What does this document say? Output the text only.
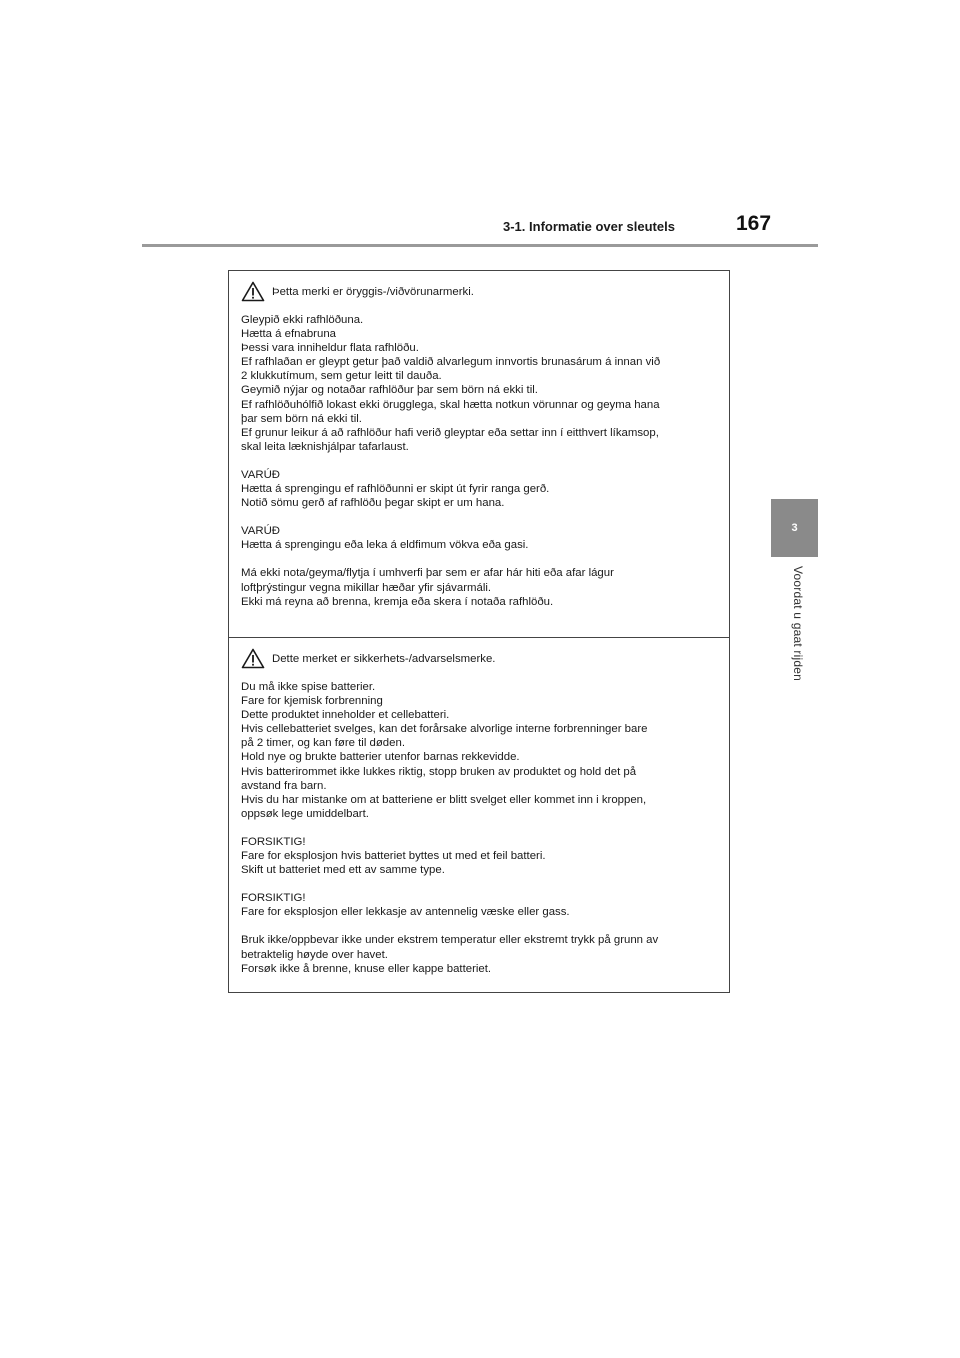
3-1. Informatie over sleutels	167
3
Voordat u gaat rijden
Þetta merki er öryggis-/viðvörunarmerki.
Gleypið ekki rafhlöðuna.
Hætta á efnabruna
Þessi vara inniheldur flata rafhlöðu.
Ef rafhlaðan er gleypt getur það valdið alvarlegum innvortis brunasárum á innan við
2 klukkutímum, sem getur leitt til dauða.
Geymið nýjar og notaðar rafhlöður þar sem börn ná ekki til.
Ef rafhlöðuhólfið lokast ekki örugglega, skal hætta notkun vörunnar og geyma hana
þar sem börn ná ekki til.
Ef grunur leikur á að rafhlöður hafi verið gleyptar eða settar inn í eitthvert líkamsop,
skal leita læknishjálpar tafarlaust.
VARÚÐ
Hætta á sprengingu ef rafhlöðunni er skipt út fyrir ranga gerð.
Notið sömu gerð af rafhlöðu þegar skipt er um hana.
VARÚÐ
Hætta á sprengingu eða leka á eldfimum vökva eða gasi.
Má ekki nota/geyma/flytja í umhverfi þar sem er afar hár hiti eða afar lágur
loftþrýstingur vegna mikillar hæðar yfir sjávarmáli.
Ekki má reyna að brenna, kremja eða skera í notaða rafhlöðu.
Dette merket er sikkerhets-/advarselsmerke.
Du må ikke spise batterier.
Fare for kjemisk forbrenning
Dette produktet inneholder et cellebatteri.
Hvis cellebatteriet svelges, kan det forårsake alvorlige interne forbrenninger bare
på 2 timer, og kan føre til døden.
Hold nye og brukte batterier utenfor barnas rekkevidde.
Hvis batterirommet ikke lukkes riktig, stopp bruken av produktet og hold det på
avstand fra barn.
Hvis du har mistanke om at batteriene er blitt svelget eller kommet inn i kroppen,
oppsøk lege umiddelbart.
FORSIKTIG!
Fare for eksplosjon hvis batteriet byttes ut med et feil batteri.
Skift ut batteriet med ett av samme type.
FORSIKTIG!
Fare for eksplosjon eller lekkasje av antennelig væske eller gass.
Bruk ikke/oppbevar ikke under ekstrem temperatur eller ekstremt trykk på grunn av
betraktelig høyde over havet.
Forsøk ikke å brenne, knuse eller kappe batteriet.
